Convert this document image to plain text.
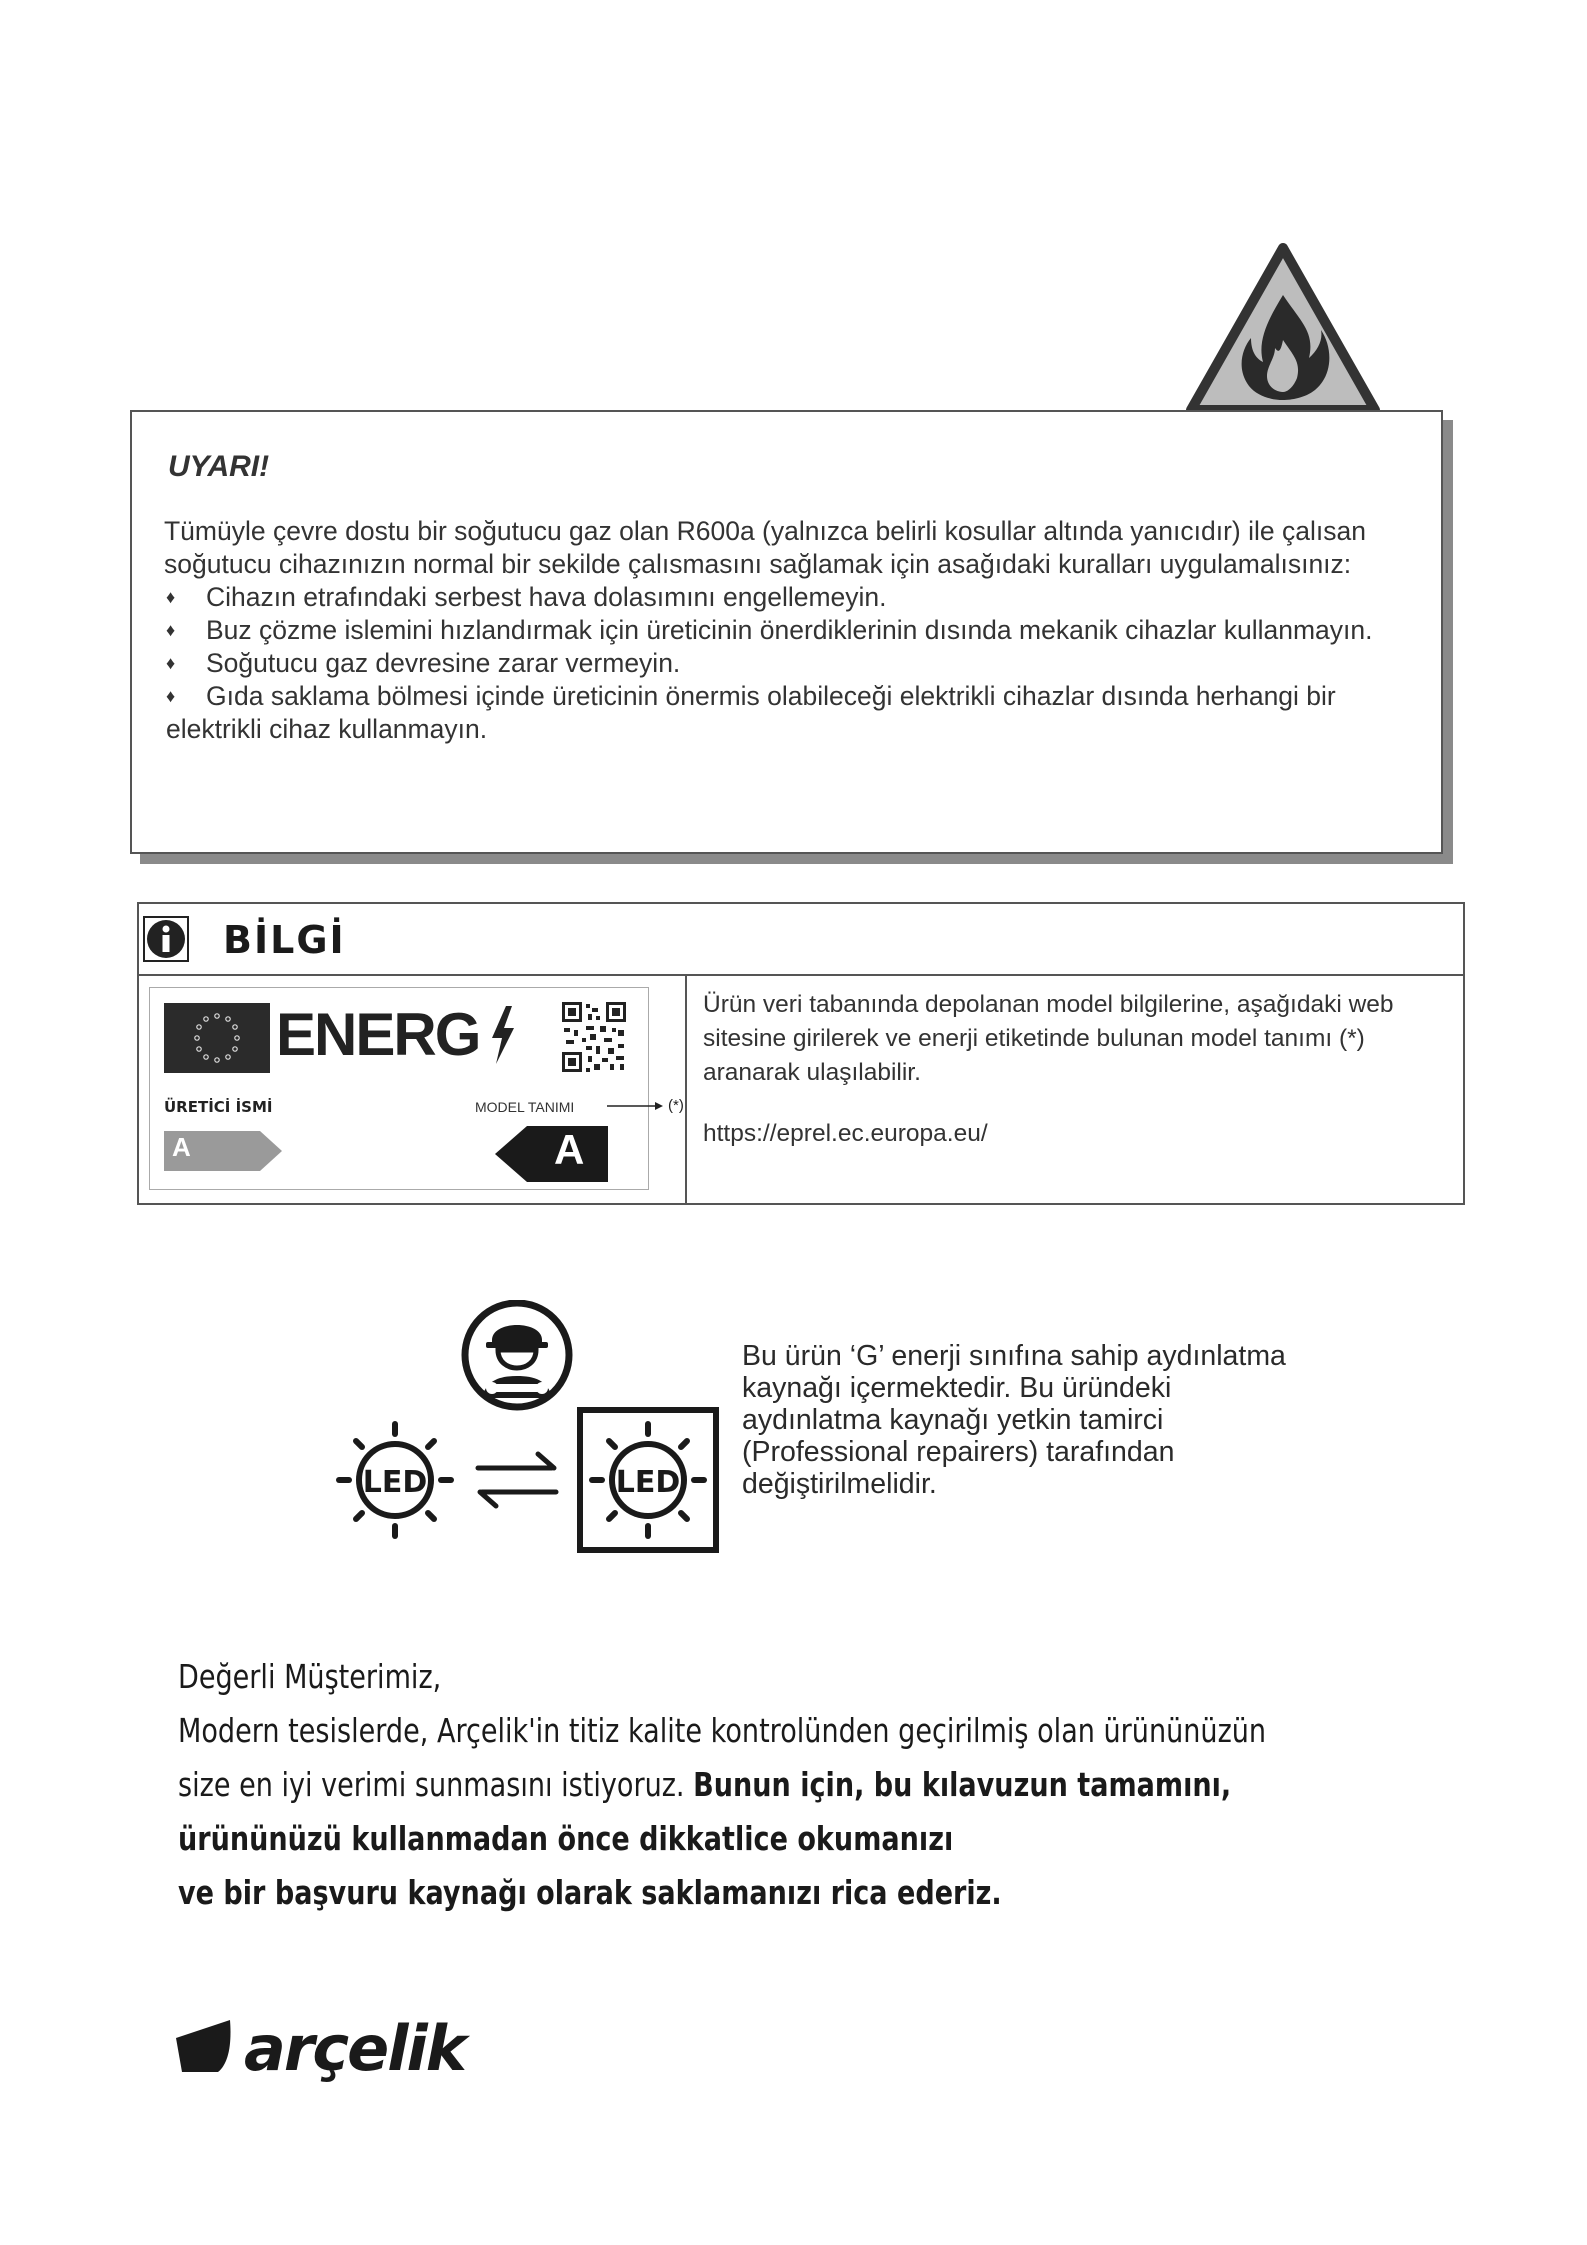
UYARI!

Tümüyle çevre dostu bir soğutucu gaz olan R600a (yalnızca belirli kosullar altında yanıcıdır) ile çalısan soğutucu cihazınızın normal bir sekilde çalısmasını sağlamak için asağıdaki kuralları uygulamalısınız:

♦	Cihazın etrafındaki serbest hava dolasımını engellemeyin.
♦	Buz çözme islemini hızlandırmak için üreticinin önerdiklerinin dısında mekanik cihazlar kullanmayın.
♦	Soğutucu gaz devresine zarar vermeyin.
♦	Gıda saklama bölmesi içinde üreticinin önermis olabileceği elektrikli cihazlar dısında herhangi bir elektrikli cihaz kullanmayın.
BİLGİ
ENERG
ÜRETİCİ İSMİ	MODEL TANIMI	(*)
A	A
Ürün veri tabanında depolanan model bilgilerine, aşağıdaki web sitesine girilerek ve enerji etiketinde bulunan model tanımı (*) aranarak ulaşılabilir.
https://eprel.ec.europa.eu/
LED	LED
Bu ürün ‘G’ enerji sınıfına sahip aydınlatma kaynağı içermektedir. Bu üründeki aydınlatma kaynağı yetkin tamirci (Professional repairers) tarafından değiştirilmelidir.
Değerli Müşterimiz,
Modern tesislerde, Arçelik'in titiz kalite kontrolünden geçirilmiş olan ürününüzün
size en iyi verimi sunmasını istiyoruz. Bunun için, bu kılavuzun tamamını,
ürününüzü kullanmadan önce dikkatlice okumanızı
ve bir başvuru kaynağı olarak saklamanızı rica ederiz.
arçelik
